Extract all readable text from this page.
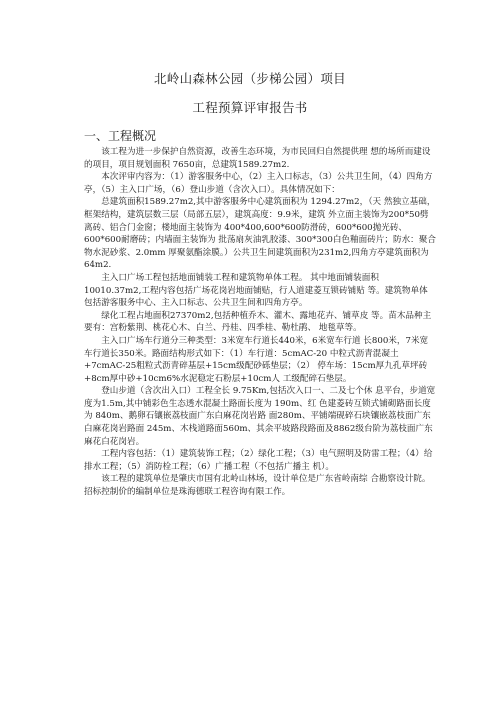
北岭山森林公园（步梯公园）项目
工程预算评审报告书
一、工程概况

该工程为进一步保护自然资源，改善生态环境，为市民回归自然提供理 想的场所而建设的项目，项目规划面积 7650亩，总建筑1589.27m2.

本次评审内容为：（1）游客服务中心，（2）主入口标志，（3）公共卫生间，（4）四角方亭，（5）主入口广场，（6）登山步道（含次入口）。具体情况如下：

总建筑面积1589.27m2,其中游客服务中心建筑面积为 1294.27m2，（天 然独立基础，框架结构，建筑层数三层（局部五层），建筑高度：9.9米，建筑 外立面主装饰为200*50劈离砖、铝合门金窗；楼地面主装饰为 400*400,600*600防滑砖，600*600抛光砖、600*600耐磨砖；内墙面主装饰为 批荡扇灰油乳胶漆、300*300白色釉面砖片；防水：聚合物水泥砂浆、2.0mm 厚聚氨酯涂膜。）公共卫生间建筑面积为231m2,四角方亭建筑面积为64m2.

主入口广场工程包括地面铺装工程和建筑物单体工程。 其中地面铺装面积10010.37m2,工程内容包括广场花岗岩地面铺贴，行人道建菱互锁砖铺贴 等。建筑物单体包括游客服务中心、主入口标志、公共卫生间和四角方亭。

绿化工程占地面积27370m2,包括种植乔木、灌木、露地花卉、铺草皮 等。苗木品种主要有：宫粉紫荆、桃花心木、白兰、丹桂、四季桂、勒杜鹃、 地毯草等。

主入口广场车行道分三种类型：3米宽车行道长440米，6米宽车行道 长800米，7米宽车行道长350米。路面结构形式如下：（1）车行道：5cmAC-20 中粒式沥青混凝土 +7cmAC-25粗粒式沥青碎基层+15cm级配砂砾垫层；（2） 停车场：15cm厚九孔草坪砖+8cm厚中砂+10cm6%水泥稳定石粉层+10cm人 工级配碎石垫层。

登山步道（含次出入口）工程全长 9.75Km,包括次入口一、二及七个休 息平台，步道宽度为1.5m,其中铺彩色生态透水混凝土路面长度为 190m、红 色建菱砖互锁式铺砌路面长度为 840m、鹅卵石镶嵌荔枝面广东白麻花岗岩路 面280m、平铺端砚碎石块镶嵌荔枝面广东白麻花岗岩路面 245m、木栈道路面560m、其余平坡路段路面及8862级台阶为荔枝面广东麻花白花岗岩。

工程内容包括：（1）建筑装饰工程；（2）绿化工程；（3）电气照明及防雷工程；（4）给排水工程；（5）消防栓工程；（6）广播工程（不包括广播主 机）。

该工程的建筑单位是肇庆市国有北岭山林场，设计单位是广东省岭南综 合勘察设计院。招标控制价的编制单位是珠海德联工程咨询有限工作。
